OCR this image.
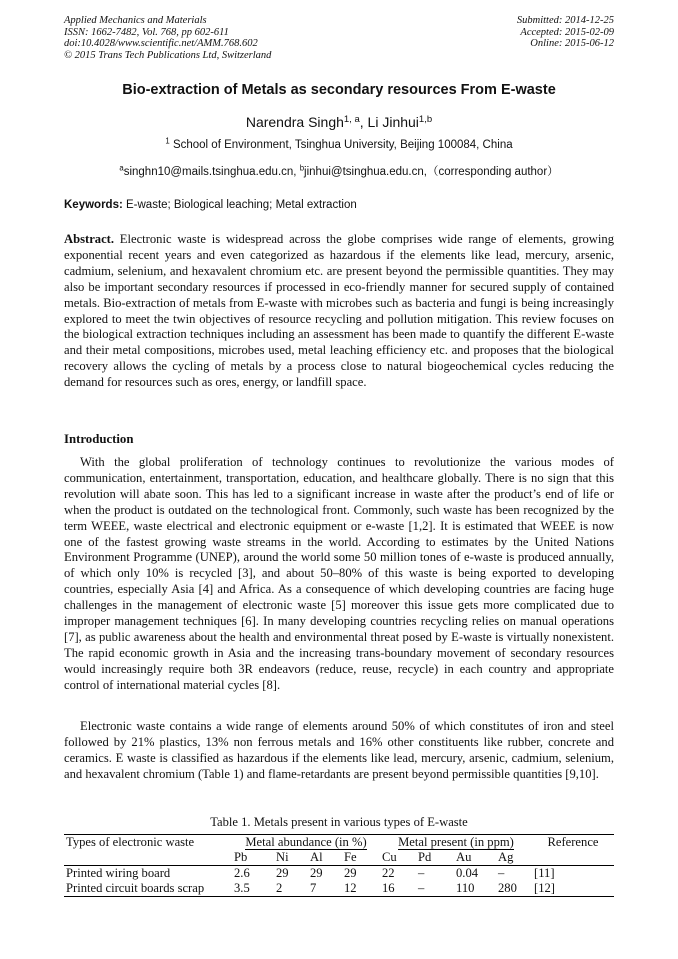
Applied Mechanics and Materials
ISSN: 1662-7482, Vol. 768, pp 602-611
doi:10.4028/www.scientific.net/AMM.768.602
© 2015 Trans Tech Publications Ltd, Switzerland
Submitted: 2014-12-25
Accepted: 2015-02-09
Online: 2015-06-12
Bio-extraction of Metals as secondary resources From E-waste
Narendra Singh$^{1, a}$, Li Jinhui$^{1,b}$
$^1$ School of Environment, Tsinghua University, Beijing 100084, China
$^a$singhn10@mails.tsinghua.edu.cn, $^b$jinhui@tsinghua.edu.cn,（corresponding author）
Keywords: E-waste; Biological leaching; Metal extraction
Abstract. Electronic waste is widespread across the globe comprises wide range of elements, growing exponential recent years and even categorized as hazardous if the elements like lead, mercury, arsenic, cadmium, selenium, and hexavalent chromium etc. are present beyond the permissible quantities. They may also be important secondary resources if processed in eco-friendly manner for secured supply of contained metals. Bio-extraction of metals from E-waste with microbes such as bacteria and fungi is being increasingly explored to meet the twin objectives of resource recycling and pollution mitigation. This review focuses on the biological extraction techniques including an assessment has been made to quantify the different E-waste and their metal compositions, microbes used, metal leaching efficiency etc. and proposes that the biological recovery allows the cycling of metals by a process close to natural biogeochemical cycles reducing the demand for resources such as ores, energy, or landfill space.
Introduction
With the global proliferation of technology continues to revolutionize the various modes of communication, entertainment, transportation, education, and healthcare globally. There is no sign that this revolution will abate soon. This has led to a significant increase in waste after the product’s end of life or when the product is outdated on the technological front. Commonly, such waste has been recognized by the term WEEE, waste electrical and electronic equipment or e-waste [1,2]. It is estimated that WEEE is now one of the fastest growing waste streams in the world. According to estimates by the United Nations Environment Programme (UNEP), around the world some 50 million tones of e-waste is produced annually, of which only 10% is recycled [3], and about 50–80% of this waste is being exported to developing countries, especially Asia [4] and Africa. As a consequence of which developing countries are facing huge challenges in the management of electronic waste [5] moreover this issue gets more complicated due to improper management techniques [6]. In many developing countries recycling relies on manual operations [7], as public awareness about the health and environmental threat posed by E-waste is virtually nonexistent. The rapid economic growth in Asia and the increasing trans-boundary movement of secondary resources would increasingly require both 3R endeavors (reduce, reuse, recycle) in each country and appropriate control of international material cycles [8].
Electronic waste contains a wide range of elements around 50% of which constitutes of iron and steel followed by 21% plastics, 13% non ferrous metals and 16% other constituents like rubber, concrete and ceramics. E waste is classified as hazardous if the elements like lead, mercury, arsenic, cadmium, selenium, and hexavalent chromium (Table 1) and flame-retardants are present beyond permissible quantities [9,10].
Table 1. Metals present in various types of E-waste
Types of electronic waste	Metal abundance (in %)				Metal present (in ppm)				Reference
	Pb	Ni	Al	Fe	Cu	Pd	Au	Ag	
Printed wiring board	2.6	29	29	29	22	–	0.04	–	[11]
Printed circuit boards scrap	3.5	2	7	12	16	–	110	280	[12]
